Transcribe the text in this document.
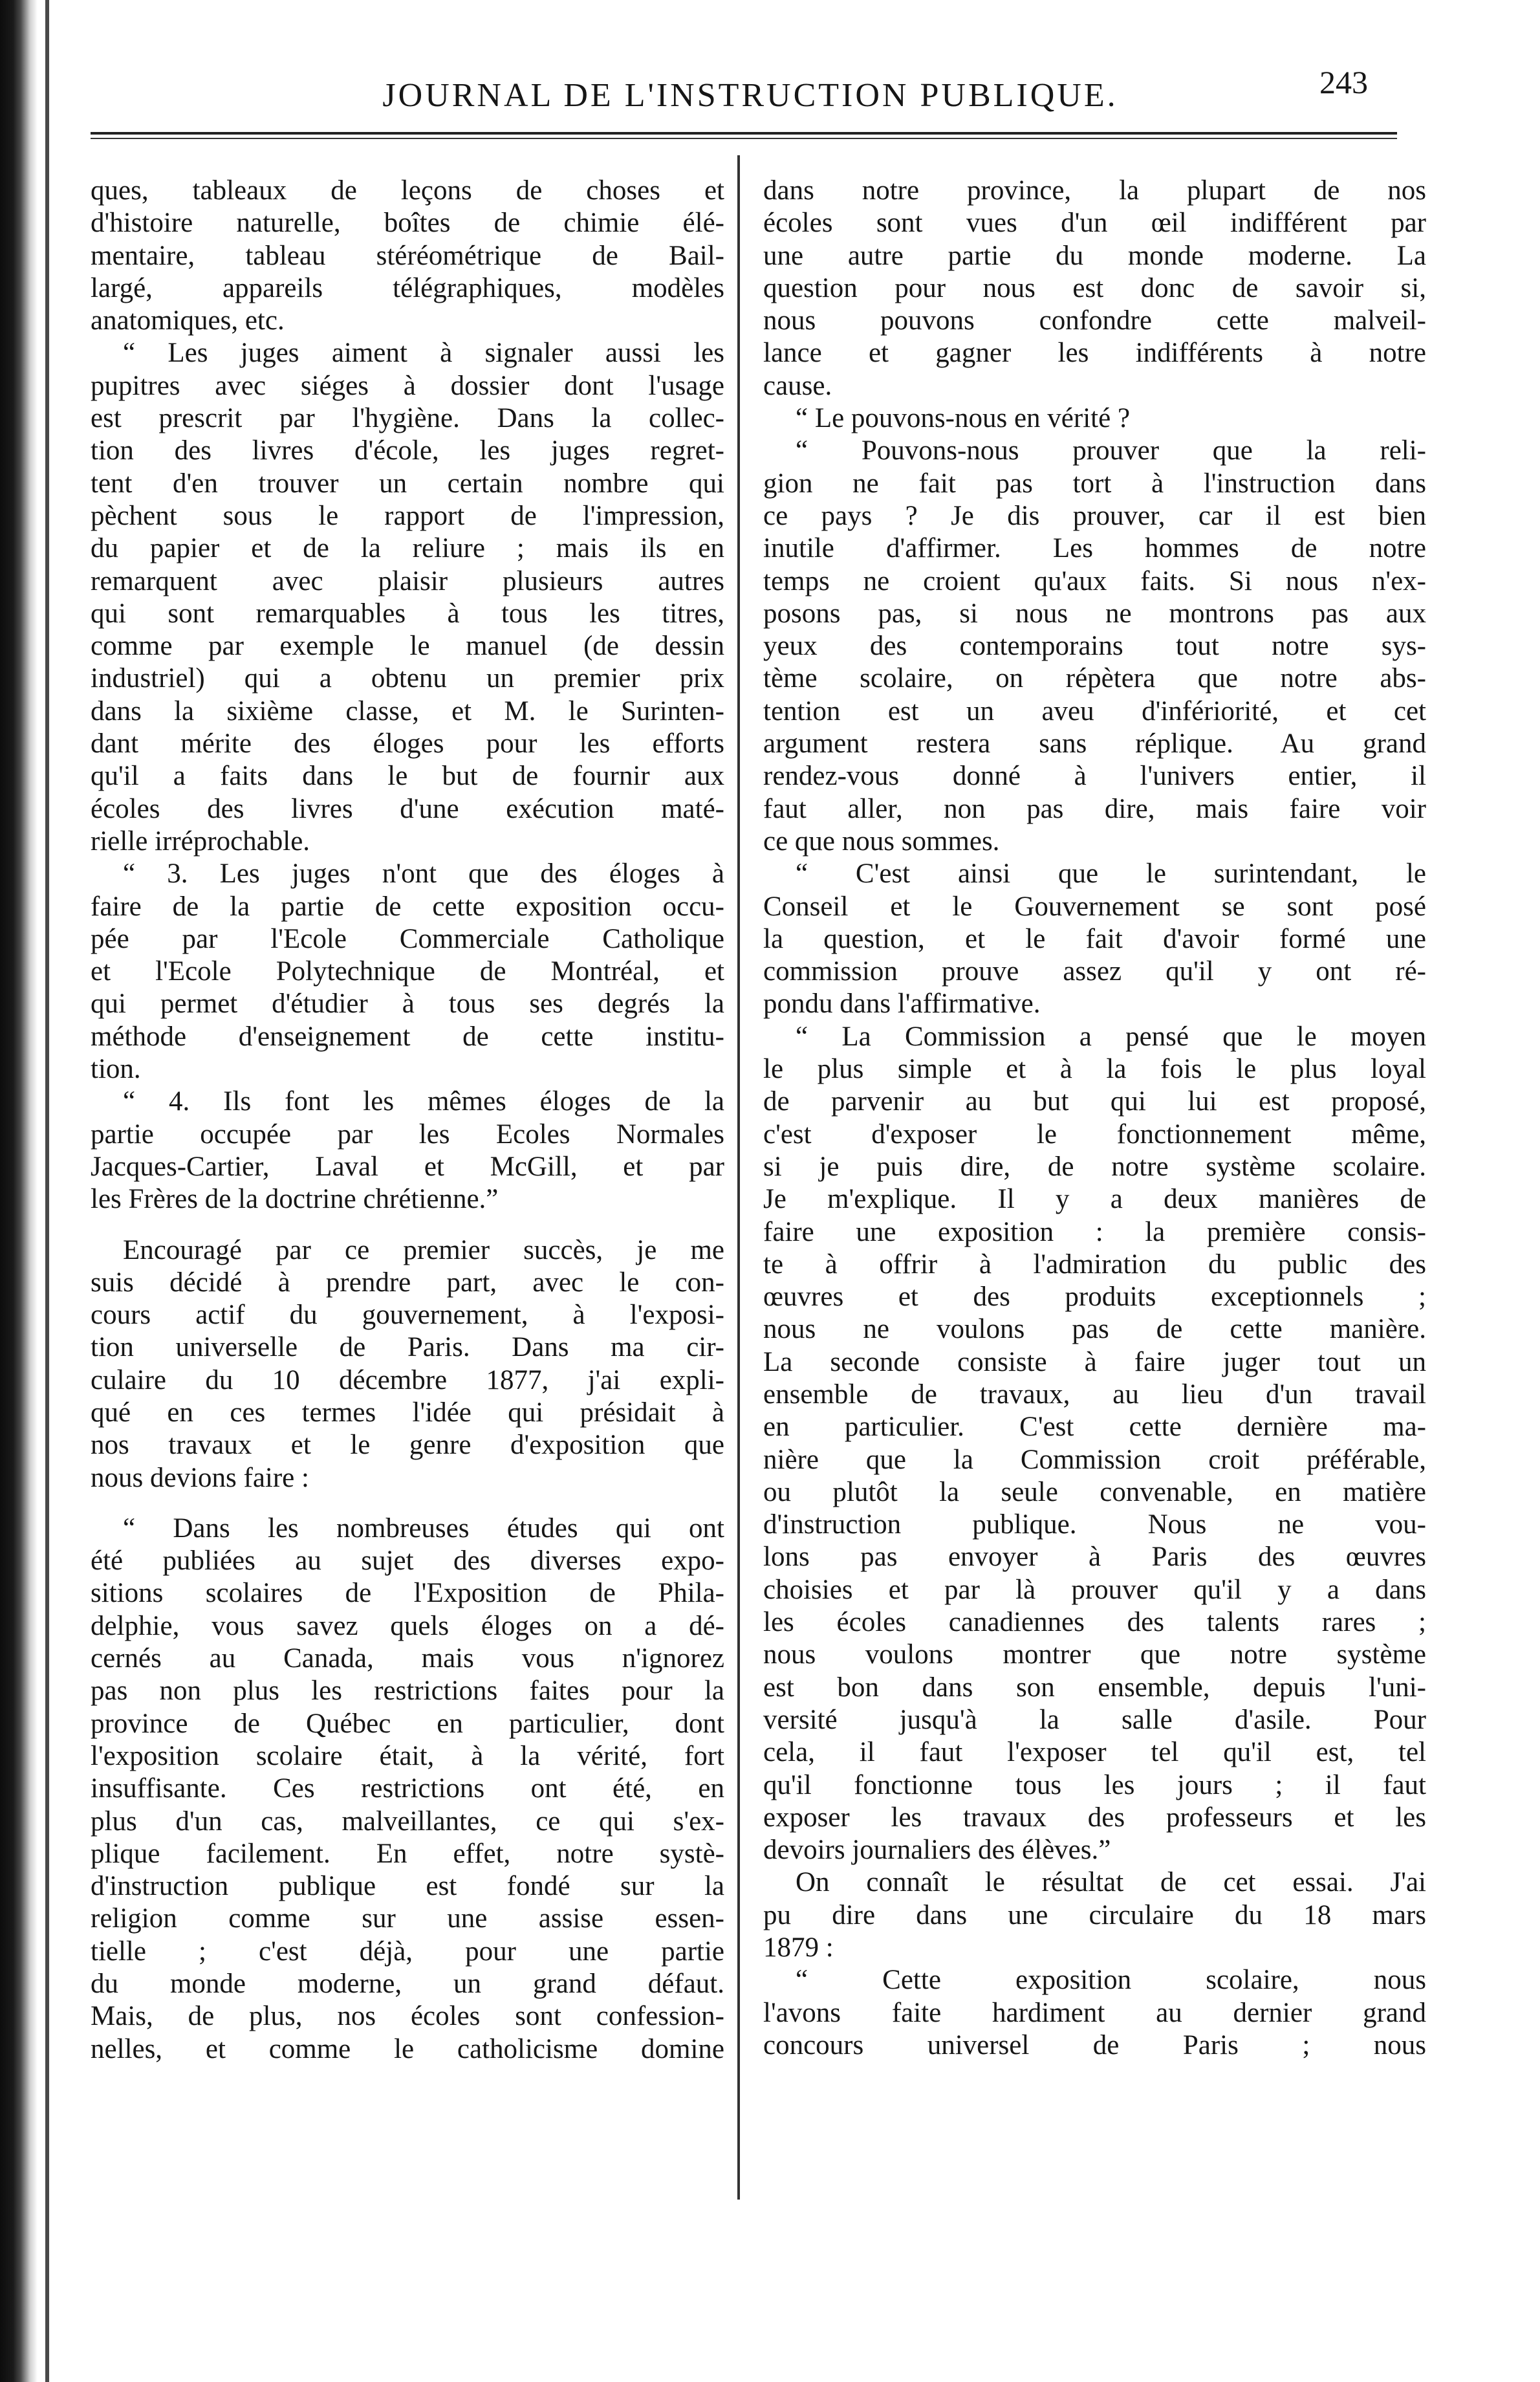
JOURNAL DE L'INSTRUCTION PUBLIQUE.	243
ques, tableaux de leçons de choses et
d'histoire naturelle, boîtes de chimie élé-
mentaire, tableau stéréométrique de Bail-
largé, appareils télégraphiques, modèles
anatomiques, etc.
“ Les juges aiment à signaler aussi les
pupitres avec siéges à dossier dont l'usage
est prescrit par l'hygiène. Dans la collec-
tion des livres d'école, les juges regret-
tent d'en trouver un certain nombre qui
pèchent sous le rapport de l'impression,
du papier et de la reliure ; mais ils en
remarquent avec plaisir plusieurs autres
qui sont remarquables à tous les titres,
comme par exemple le manuel (de dessin
industriel) qui a obtenu un premier prix
dans la sixième classe, et M. le Surinten-
dant mérite des éloges pour les efforts
qu'il a faits dans le but de fournir aux
écoles des livres d'une exécution maté-
rielle irréprochable.
“ 3. Les juges n'ont que des éloges à
faire de la partie de cette exposition occu-
pée par l'Ecole Commerciale Catholique
et l'Ecole Polytechnique de Montréal, et
qui permet d'étudier à tous ses degrés la
méthode d'enseignement de cette institu-
tion.
“ 4. Ils font les mêmes éloges de la
partie occupée par les Ecoles Normales
Jacques-Cartier, Laval et McGill, et par
les Frères de la doctrine chrétienne.”
Encouragé par ce premier succès, je me
suis décidé à prendre part, avec le con-
cours actif du gouvernement, à l'exposi-
tion universelle de Paris. Dans ma cir-
culaire du 10 décembre 1877, j'ai expli-
qué en ces termes l'idée qui présidait à
nos travaux et le genre d'exposition que
nous devions faire :
“ Dans les nombreuses études qui ont
été publiées au sujet des diverses expo-
sitions scolaires de l'Exposition de Phila-
delphie, vous savez quels éloges on a dé-
cernés au Canada, mais vous n'ignorez
pas non plus les restrictions faites pour la
province de Québec en particulier, dont
l'exposition scolaire était, à la vérité, fort
insuffisante. Ces restrictions ont été, en
plus d'un cas, malveillantes, ce qui s'ex-
plique facilement. En effet, notre systè-
d'instruction publique est fondé sur la
religion comme sur une assise essen-
tielle ; c'est déjà, pour une partie
du monde moderne, un grand défaut.
Mais, de plus, nos écoles sont confession-
nelles, et comme le catholicisme domine
dans notre province, la plupart de nos
écoles sont vues d'un œil indifférent par
une autre partie du monde moderne. La
question pour nous est donc de savoir si,
nous pouvons confondre cette malveil-
lance et gagner les indifférents à notre
cause.
“ Le pouvons-nous en vérité ?
“ Pouvons-nous prouver que la reli-
gion ne fait pas tort à l'instruction dans
ce pays ? Je dis prouver, car il est bien
inutile d'affirmer. Les hommes de notre
temps ne croient qu'aux faits. Si nous n'ex-
posons pas, si nous ne montrons pas aux
yeux des contemporains tout notre sys-
tème scolaire, on répètera que notre abs-
tention est un aveu d'infériorité, et cet
argument restera sans réplique. Au grand
rendez-vous donné à l'univers entier, il
faut aller, non pas dire, mais faire voir
ce que nous sommes.
“ C'est ainsi que le surintendant, le
Conseil et le Gouvernement se sont posé
la question, et le fait d'avoir formé une
commission prouve assez qu'il y ont ré-
pondu dans l'affirmative.
“ La Commission a pensé que le moyen
le plus simple et à la fois le plus loyal
de parvenir au but qui lui est proposé,
c'est d'exposer le fonctionnement même,
si je puis dire, de notre système scolaire.
Je m'explique. Il y a deux manières de
faire une exposition : la première consis-
te à offrir à l'admiration du public des
œuvres et des produits exceptionnels ;
nous ne voulons pas de cette manière.
La seconde consiste à faire juger tout un
ensemble de travaux, au lieu d'un travail
en particulier. C'est cette dernière ma-
nière que la Commission croit préférable,
ou plutôt la seule convenable, en matière
d'instruction publique. Nous ne vou-
lons pas envoyer à Paris des œuvres
choisies et par là prouver qu'il y a dans
les écoles canadiennes des talents rares ;
nous voulons montrer que notre système
est bon dans son ensemble, depuis l'uni-
versité jusqu'à la salle d'asile. Pour
cela, il faut l'exposer tel qu'il est, tel
qu'il fonctionne tous les jours ; il faut
exposer les travaux des professeurs et les
devoirs journaliers des élèves.”
On connaît le résultat de cet essai. J'ai
pu dire dans une circulaire du 18 mars
1879 :
“ Cette exposition scolaire, nous
l'avons faite hardiment au dernier grand
concours universel de Paris ; nous
